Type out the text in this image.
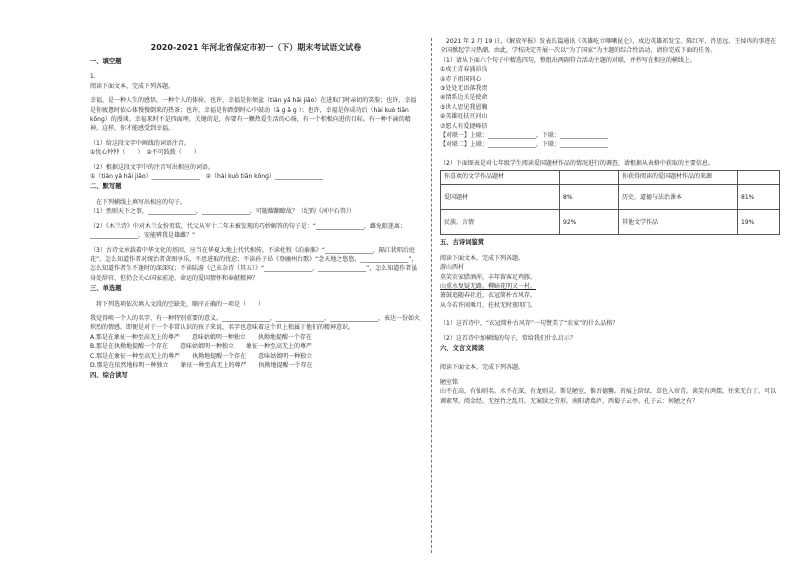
2020-2021 年河北省保定市初一（下）期末考试语文试卷
一、填空题
1.
阅读下面文本，完成下列各题。
幸福，是一种人生的感悟，一种个人的体验。也许，幸福是你须盆（tián yǎ hǎi jiāo）在进取门时亲切的笑脸；也许，幸福是你疲惫时依心体慢慢倒来的热茶；也许，幸福是你跌倒时心中鼓动（ā ɡ ā ɡ ）；也许，幸福是你成功后（hài kuò tiān kōnɡ）的漫谈。幸福来时不是四面埋。关键的是，你要有一颗热爱生活的心扬，有一个积极向进的目标。有一种不渝的精神。这样，你才能感受到幸福。
（1）给这段文字中画线的词语注音。
①忧心忡忡（　　）　②不可跂拨（　　）
（2）根据这段文字中的注音写出相应的词语。
①（tián yǎ hǎi jiāo）________________　②（hài kuò tiān kōnɡ）________________
二、默写题
　在下列横线上填写出相应的句子。
（1）然则天下之事，________________，________________，可随耀翻瞭故？（纪昀《河中石兽》）
（2）《木兰诗》中对木兰女扮男装，代父从军十二年未被发现的巧妙解答的句子是：“________________，雌免眼迷离；________________，安能辨我是雄雌？”
（3）古诗文承载着中华文化的基因，应当在华夏大地上代代相传。不读杜牧《泊秦淮》“________________，隔江犹唱后庭花”，怎么知道作者对统治者贪图享乐、不思进取的忧虑；不读孙子昂《登幽州台歌》“念天地之悠悠，________________”，怎么知道作者生不逢时的深深叹；不读陆游《己亥杂诗（其五）》“________________，________________”，怎么知道作者虽身处辞官，但仍会关心国家前途、命运的爱国情怀和奉献精神？
三、单选题
　将下列选项依次填入文段的空缺处，顺序正确的一项是（　　）
我觉得唤一个人的名字，有一种特别重要的意义。________________，________________，________________，表达一份如火炽烈的情感。即便是对于一个非常认识的孩子来说，名字也意味着这个世上独属于他们的精神意识。
A.那是在象征一种至高无上的尊严　　意味姑娘明一种独立　　执拗地提醒一个存在
B.那是在执拗地提醒一个存在　　意味姑娘明一种独立　　象征一种至高无上的尊严
C.那是在象征一种至高无上的尊严　　执拗地提醒一个存在　　意味姑娘明一种独立
D.那是在依然地标明一种独立　　象征一种至高无上的尊严　　执拗地提醒一个存在
四、综合读写
　2021 年 2 月 19 日，《解放军报》发表长篇通讯《英雄屹立喀喇昆仑》，戍边英雄祁发宝、陈红军、肖思远、王焯冉的事迹在全国掀起学习热潮。由此，学校决定开展一次以“为了国家”为主题的综合性活动，请你完成下面的任务。
（1）请从下面六个句子中精选四句，整组出两副符合活动主题的对联，并抄写在相应的横线上。
①戍士青春涌昂良
②赤子祖国同心
③处处无语落我责
④情系边关是使命
⑤世人思见我恩胸
⑥英雄旺扶亘河山
⑦愿人有爱捷峰信
【对联一】上联：________________，下联：________________
【对联二】上联：________________，下联：________________
（2）下面图表是对七年级学生阅读爱国题材作品的情况进行的调查，请根据从表格中获取的主要信息。
你喜欢的文学作品题材		你获得阅读的爱国题材作品的来源	
爱国题材	8%	历史、道德与法治课本	81%
民族、言情	92%	其他文学作品	19%
五、古诗词鉴赏
阅读下面文本，完成下列各题。
游山西村
莫笑农家腊酒浑，丰年留客足鸡豚。
山重水复疑无路，柳暗花明又一村。
箫鼓追随春社近，衣冠简朴古风存。
从今若许闲乘月，拄杖无时夜叩门。
（1）这首诗中，“衣冠简朴古风存”一句赞美了“农家”的什么品格？
（2）这首诗中加横线的句子，常给我们什么启示？
六、文言文阅读
阅读下面文本，完成下列各题。
陋室铭
山不在高，有仙则名。水不在深，有龙则灵。斯是陋室，惟吾德馨。苔痕上阶绿，草色入帘青。谈笑有鸿儒，往来无白丁。可以调素琴，阅金经。无丝竹之乱耳，无案牍之劳形。南阳诸葛庐，西蜀子云亭。孔子云：何陋之有？
